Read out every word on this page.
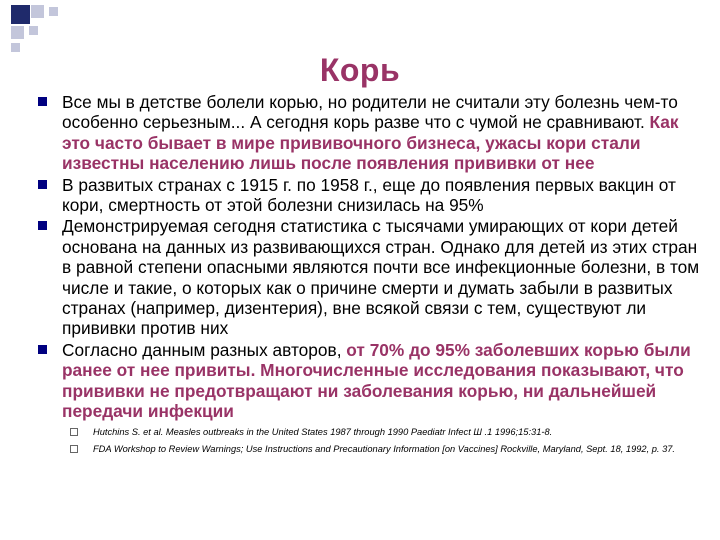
Корь
Все мы в детстве болели корью, но родители не считали эту болезнь чем-то особенно серьезным... А сегодня корь разве что с чумой не сравнивают. Как это часто бывает в мире прививочного бизнеса, ужасы кори стали известны населению лишь после появления прививки от нее
В развитых странах с 1915 г. по 1958 г., еще до появления первых вакцин от кори, смертность от этой болезни снизилась на 95%
Демонстрируемая сегодня статистика с тысячами умирающих от кори детей основана на данных из развивающихся стран. Однако для детей из этих стран в равной степени опасными являются почти все инфекционные болезни, в том числе и такие, о которых как о причине смерти и думать забыли в развитых странах (например, дизентерия), вне всякой связи с тем, существуют ли прививки против них
Согласно данным разных авторов, от 70% до 95% заболевших корью были ранее от нее привиты. Многочисленные исследования показывают, что прививки не предотвращают ни заболевания корью, ни дальнейшей передачи инфекции
Hutchins S. et al. Measles outbreaks in the United States 1987 through 1990 Paediatr Infect Ш .1 1996;15:31-8.
FDA Workshop to Review Warnings; Use Instructions and Precautionary Information [on Vaccines] Rockville, Maryland, Sept. 18, 1992, p. 37.
